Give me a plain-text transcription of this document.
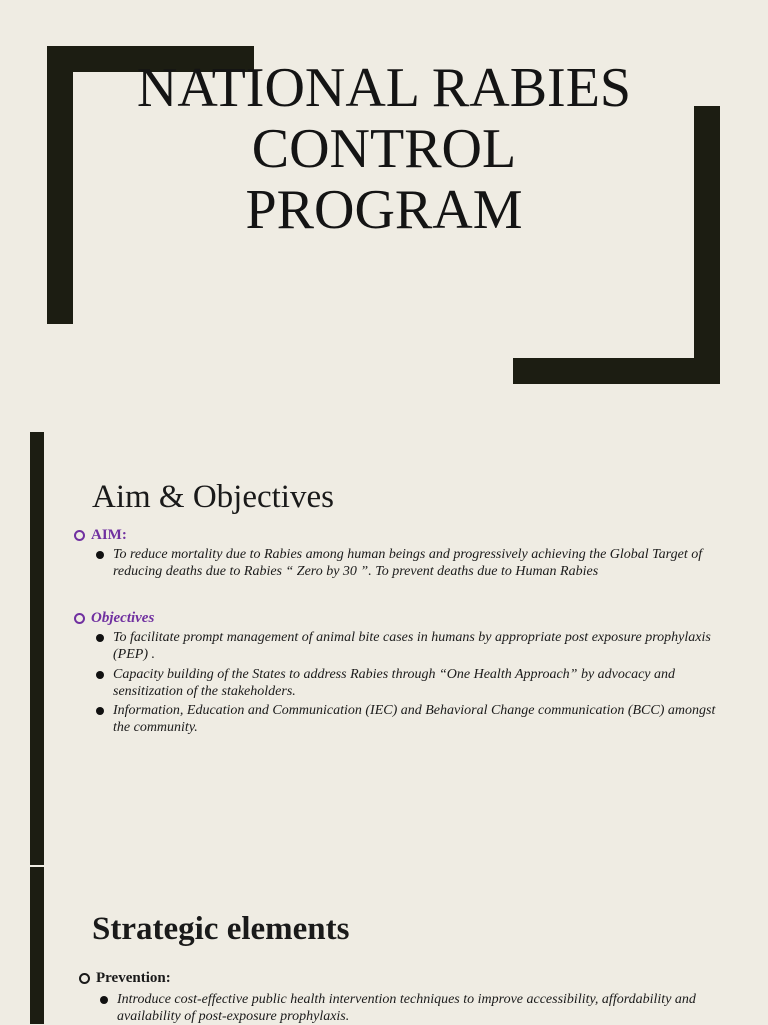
NATIONAL RABIES
CONTROL
PROGRAM
Aim & Objectives
AIM:
To reduce mortality due to Rabies among human beings and progressively achieving the Global Target of reducing deaths due to Rabies “ Zero by 30 ”. To prevent deaths due to Human Rabies
Objectives
To facilitate prompt management of animal bite cases in humans by appropriate post exposure prophylaxis (PEP) .
Capacity building of the States to address Rabies through “One Health Approach” by advocacy and sensitization of the stakeholders.
Information, Education and Communication (IEC) and Behavioral Change communication (BCC) amongst the community.
Strategic elements
Prevention:
Introduce cost-effective public health intervention techniques to improve accessibility, affordability and availability of post-exposure prophylaxis.
